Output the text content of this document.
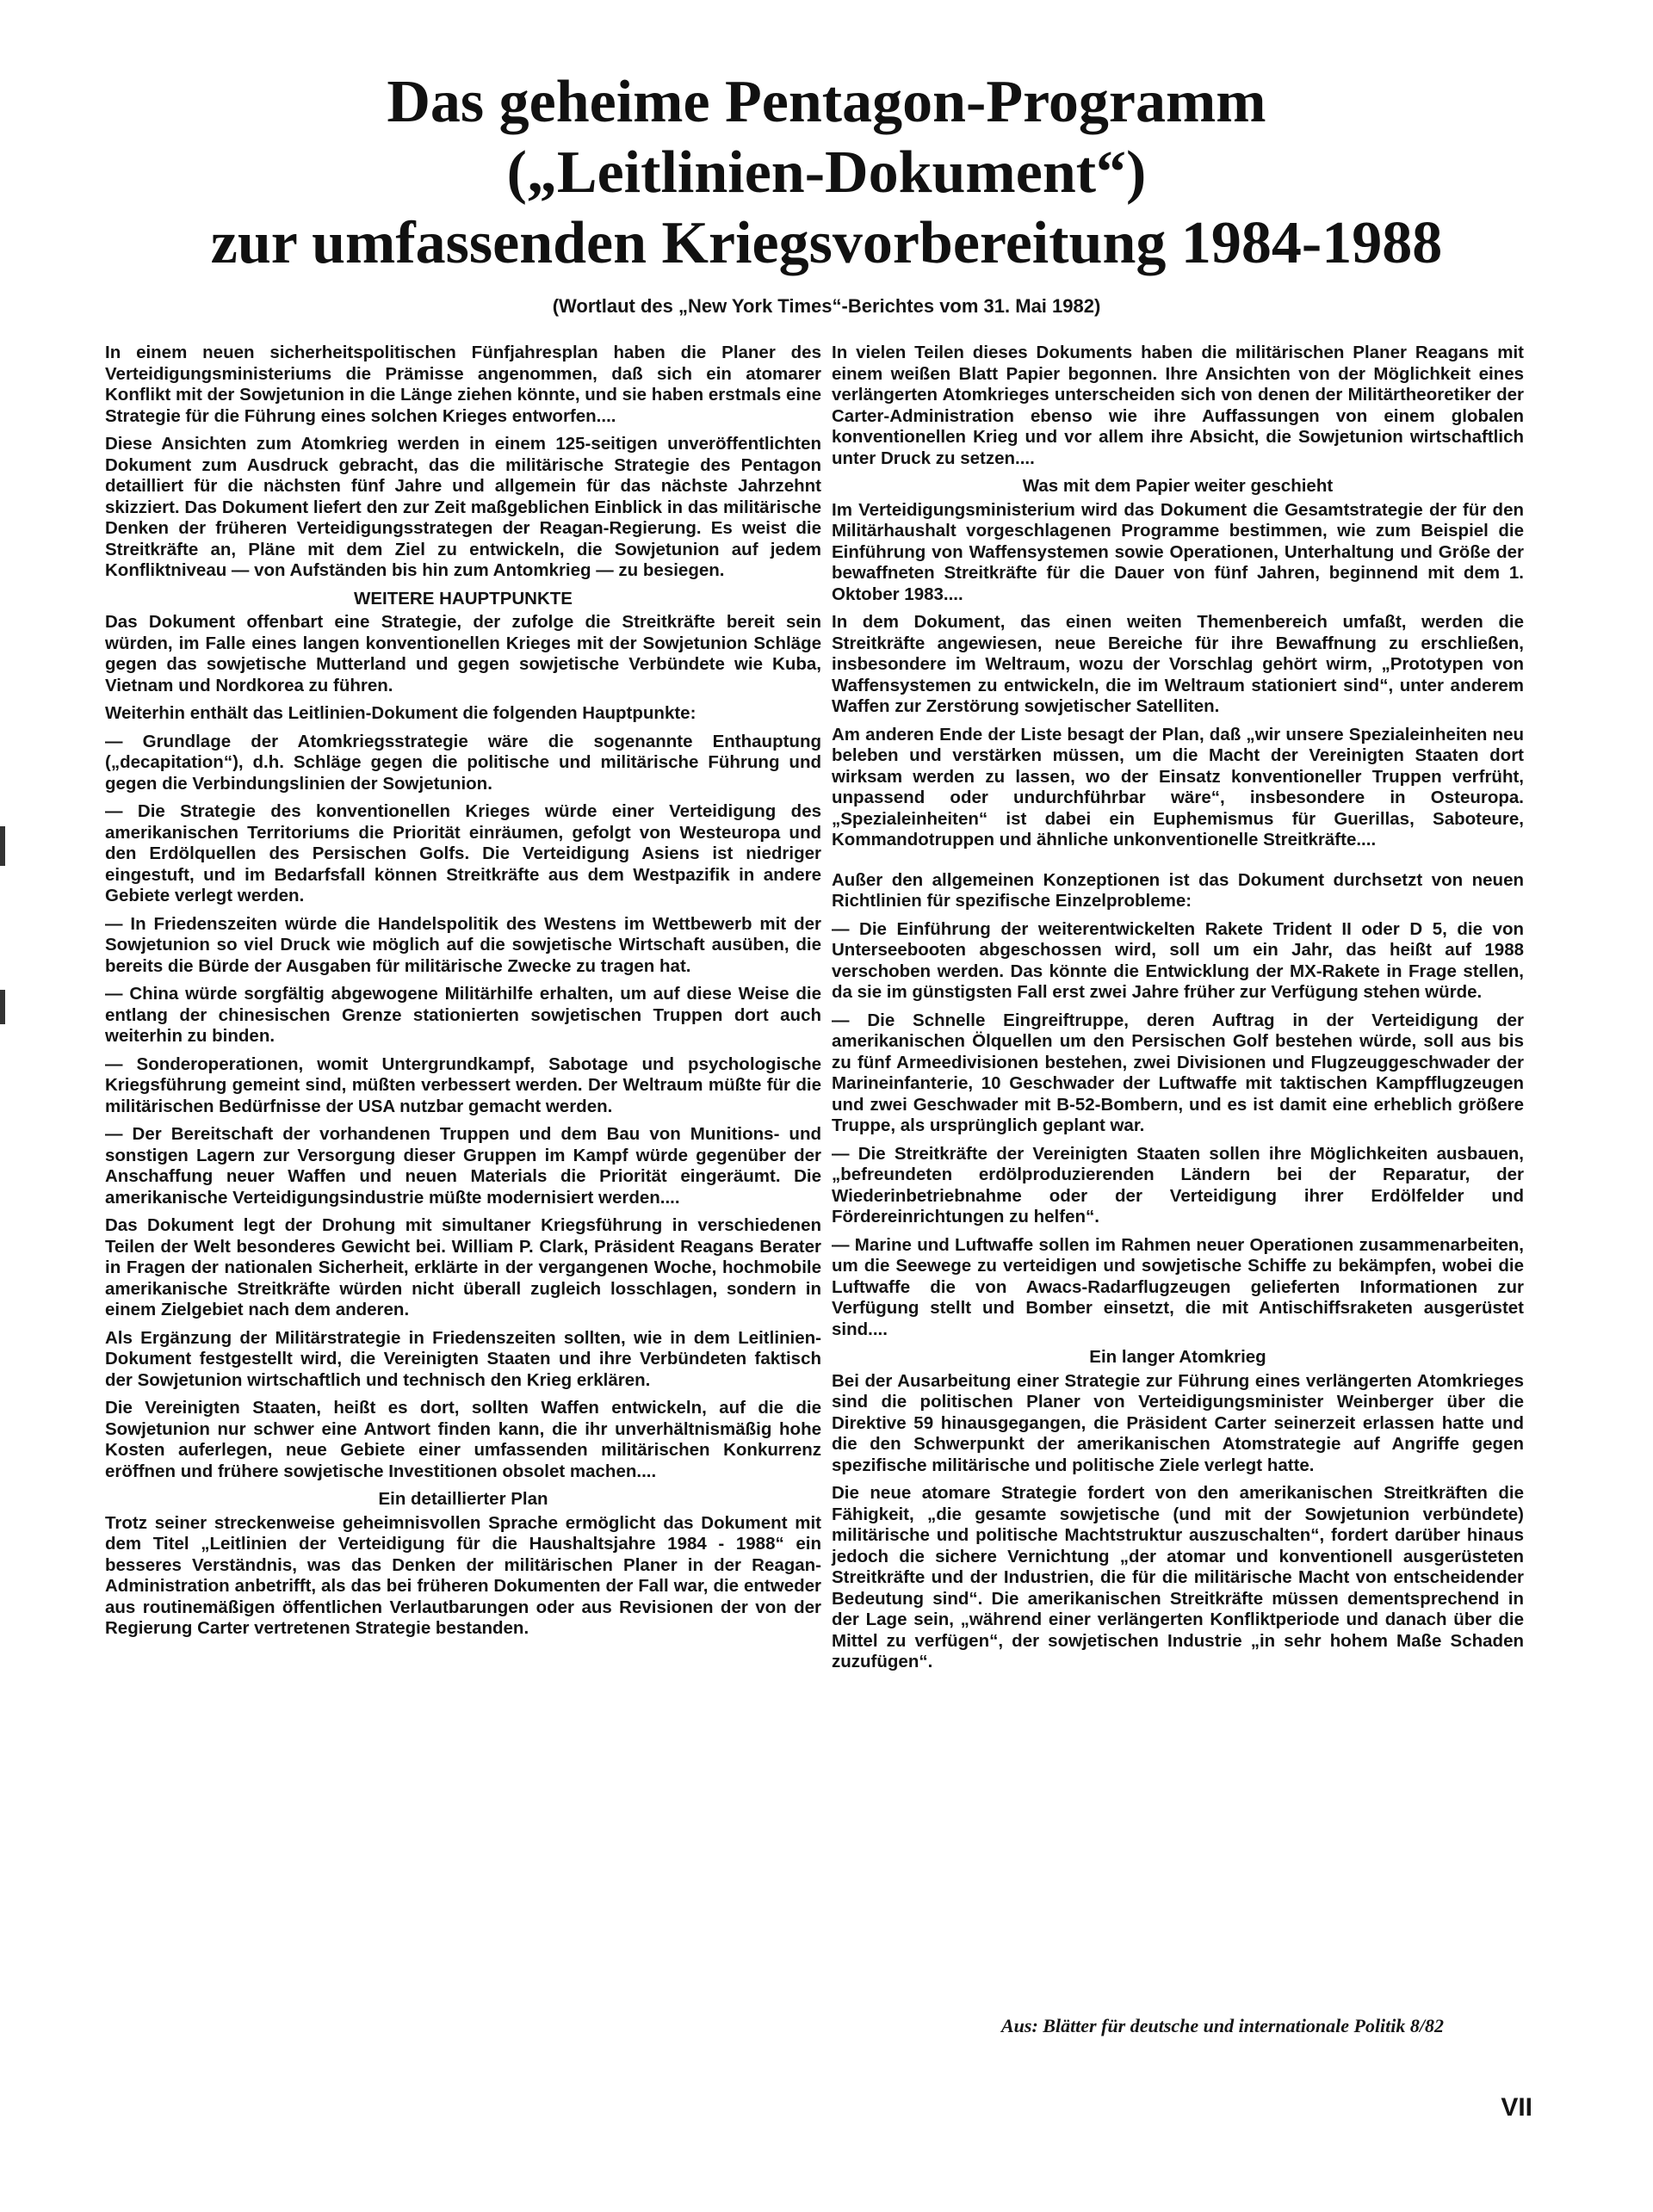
Das geheime Pentagon-Programm
(„Leitlinien-Dokument“)
zur umfassenden Kriegsvorbereitung 1984-1988
(Wortlaut des „New York Times“-Berichtes vom 31. Mai 1982)

In einem neuen sicherheitspolitischen Fünfjahresplan haben die Planer des Verteidigungsministeriums die Prämisse angenommen, daß sich ein atomarer Konflikt mit der Sowjetunion in die Länge ziehen könnte, und sie haben erstmals eine Strategie für die Führung eines solchen Krieges entworfen....

Diese Ansichten zum Atomkrieg werden in einem 125-seitigen unveröffentlichten Dokument zum Ausdruck gebracht, das die militärische Strategie des Pentagon detailliert für die nächsten fünf Jahre und allgemein für das nächste Jahrzehnt skizziert. Das Dokument liefert den zur Zeit maßgeblichen Einblick in das militärische Denken der früheren Verteidigungsstrategen der Reagan-Regierung. Es weist die Streitkräfte an, Pläne mit dem Ziel zu entwickeln, die Sowjetunion auf jedem Konfliktniveau — von Aufständen bis hin zum Antomkrieg — zu besiegen.

WEITERE HAUPTPUNKTE

Das Dokument offenbart eine Strategie, der zufolge die Streitkräfte bereit sein würden, im Falle eines langen konventionellen Krieges mit der Sowjetunion Schläge gegen das sowjetische Mutterland und gegen sowjetische Verbündete wie Kuba, Vietnam und Nordkorea zu führen.

Weiterhin enthält das Leitlinien-Dokument die folgenden Hauptpunkte:

— Grundlage der Atomkriegsstrategie wäre die sogenannte Enthauptung („decapitation“), d.h. Schläge gegen die politische und militärische Führung und gegen die Verbindungslinien der Sowjetunion.

— Die Strategie des konventionellen Krieges würde einer Verteidigung des amerikanischen Territoriums die Priorität einräumen, gefolgt von Westeuropa und den Erdölquellen des Persischen Golfs. Die Verteidigung Asiens ist niedriger eingestuft, und im Bedarfsfall können Streitkräfte aus dem Westpazifik in andere Gebiete verlegt werden.

— In Friedenszeiten würde die Handelspolitik des Westens im Wettbewerb mit der Sowjetunion so viel Druck wie möglich auf die sowjetische Wirtschaft ausüben, die bereits die Bürde der Ausgaben für militärische Zwecke zu tragen hat.

— China würde sorgfältig abgewogene Militärhilfe erhalten, um auf diese Weise die entlang der chinesischen Grenze stationierten sowjetischen Truppen dort auch weiterhin zu binden.

— Sonderoperationen, womit Untergrundkampf, Sabotage und psychologische Kriegsführung gemeint sind, müßten verbessert werden. Der Weltraum müßte für die militärischen Bedürfnisse der USA nutzbar gemacht werden.

— Der Bereitschaft der vorhandenen Truppen und dem Bau von Munitions- und sonstigen Lagern zur Versorgung dieser Gruppen im Kampf würde gegenüber der Anschaffung neuer Waffen und neuen Materials die Priorität eingeräumt. Die amerikanische Verteidigungsindustrie müßte modernisiert werden....

Das Dokument legt der Drohung mit simultaner Kriegsführung in verschiedenen Teilen der Welt besonderes Gewicht bei. William P. Clark, Präsident Reagans Berater in Fragen der nationalen Sicherheit, erklärte in der vergangenen Woche, hochmobile amerikanische Streitkräfte würden nicht überall zugleich losschlagen, sondern in einem Zielgebiet nach dem anderen.

Als Ergänzung der Militärstrategie in Friedenszeiten sollten, wie in dem Leitlinien-Dokument festgestellt wird, die Vereinigten Staaten und ihre Verbündeten faktisch der Sowjetunion wirtschaftlich und technisch den Krieg erklären.

Die Vereinigten Staaten, heißt es dort, sollten Waffen entwickeln, auf die die Sowjetunion nur schwer eine Antwort finden kann, die ihr unverhältnismäßig hohe Kosten auferlegen, neue Gebiete einer umfassenden militärischen Konkurrenz eröffnen und frühere sowjetische Investitionen obsolet machen....

Ein detaillierter Plan

Trotz seiner streckenweise geheimnisvollen Sprache ermöglicht das Dokument mit dem Titel „Leitlinien der Verteidigung für die Haushaltsjahre 1984 - 1988“ ein besseres Verständnis, was das Denken der militärischen Planer in der Reagan-Administration anbetrifft, als das bei früheren Dokumenten der Fall war, die entweder aus routinemäßigen öffentlichen Verlautbarungen oder aus Revisionen der von der Regierung Carter vertretenen Strategie bestanden.

In vielen Teilen dieses Dokuments haben die militärischen Planer Reagans mit einem weißen Blatt Papier begonnen. Ihre Ansichten von der Möglichkeit eines verlängerten Atomkrieges unterscheiden sich von denen der Militärtheoretiker der Carter-Administration ebenso wie ihre Auffassungen von einem globalen konventionellen Krieg und vor allem ihre Absicht, die Sowjetunion wirtschaftlich unter Druck zu setzen....

Was mit dem Papier weiter geschieht

Im Verteidigungsministerium wird das Dokument die Gesamtstrategie der für den Militärhaushalt vorgeschlagenen Programme bestimmen, wie zum Beispiel die Einführung von Waffensystemen sowie Operationen, Unterhaltung und Größe der bewaffneten Streitkräfte für die Dauer von fünf Jahren, beginnend mit dem 1. Oktober 1983....

In dem Dokument, das einen weiten Themenbereich umfaßt, werden die Streitkräfte angewiesen, neue Bereiche für ihre Bewaffnung zu erschließen, insbesondere im Weltraum, wozu der Vorschlag gehört wirm, „Prototypen von Waffensystemen zu entwickeln, die im Weltraum stationiert sind“, unter anderem Waffen zur Zerstörung sowjetischer Satelliten.

Am anderen Ende der Liste besagt der Plan, daß „wir unsere Spezialeinheiten neu beleben und verstärken müssen, um die Macht der Vereinigten Staaten dort wirksam werden zu lassen, wo der Einsatz konventioneller Truppen verfrüht, unpassend oder undurchführbar wäre“, insbesondere in Osteuropa. „Spezialeinheiten“ ist dabei ein Euphemismus für Guerillas, Saboteure, Kommandotruppen und ähnliche unkonventionelle Streitkräfte....

Außer den allgemeinen Konzeptionen ist das Dokument durchsetzt von neuen Richtlinien für spezifische Einzelprobleme:

— Die Einführung der weiterentwickelten Rakete Trident II oder D 5, die von Unterseebooten abgeschossen wird, soll um ein Jahr, das heißt auf 1988 verschoben werden. Das könnte die Entwicklung der MX-Rakete in Frage stellen, da sie im günstigsten Fall erst zwei Jahre früher zur Verfügung stehen würde.

— Die Schnelle Eingreiftruppe, deren Auftrag in der Verteidigung der amerikanischen Ölquellen um den Persischen Golf bestehen würde, soll aus bis zu fünf Armeedivisionen bestehen, zwei Divisionen und Flugzeuggeschwader der Marineinfanterie, 10 Geschwader der Luftwaffe mit taktischen Kampfflugzeugen und zwei Geschwader mit B-52-Bombern, und es ist damit eine erheblich größere Truppe, als ursprünglich geplant war.

— Die Streitkräfte der Vereinigten Staaten sollen ihre Möglichkeiten ausbauen, „befreundeten erdölproduzierenden Ländern bei der Reparatur, der Wiederinbetriebnahme oder der Verteidigung ihrer Erdölfelder und Fördereinrichtungen zu helfen“.

— Marine und Luftwaffe sollen im Rahmen neuer Operationen zusammenarbeiten, um die Seewege zu verteidigen und sowjetische Schiffe zu bekämpfen, wobei die Luftwaffe die von Awacs-Radarflugzeugen gelieferten Informationen zur Verfügung stellt und Bomber einsetzt, die mit Antischiffsraketen ausgerüstet sind....

Ein langer Atomkrieg

Bei der Ausarbeitung einer Strategie zur Führung eines verlängerten Atomkrieges sind die politischen Planer von Verteidigungsminister Weinberger über die Direktive 59 hinausgegangen, die Präsident Carter seinerzeit erlassen hatte und die den Schwerpunkt der amerikanischen Atomstrategie auf Angriffe gegen spezifische militärische und politische Ziele verlegt hatte.

Die neue atomare Strategie fordert von den amerikanischen Streitkräften die Fähigkeit, „die gesamte sowjetische (und mit der Sowjetunion verbündete) militärische und politische Machtstruktur auszuschalten“, fordert darüber hinaus jedoch die sichere Vernichtung „der atomar und konventionell ausgerüsteten Streitkräfte und der Industrien, die für die militärische Macht von entscheidender Bedeutung sind“. Die amerikanischen Streitkräfte müssen dementsprechend in der Lage sein, „während einer verlängerten Konfliktperiode und danach über die Mittel zu verfügen“, der sowjetischen Industrie „in sehr hohem Maße Schaden zuzufügen“.

Aus: Blätter für deutsche und internationale Politik 8/82
VII
